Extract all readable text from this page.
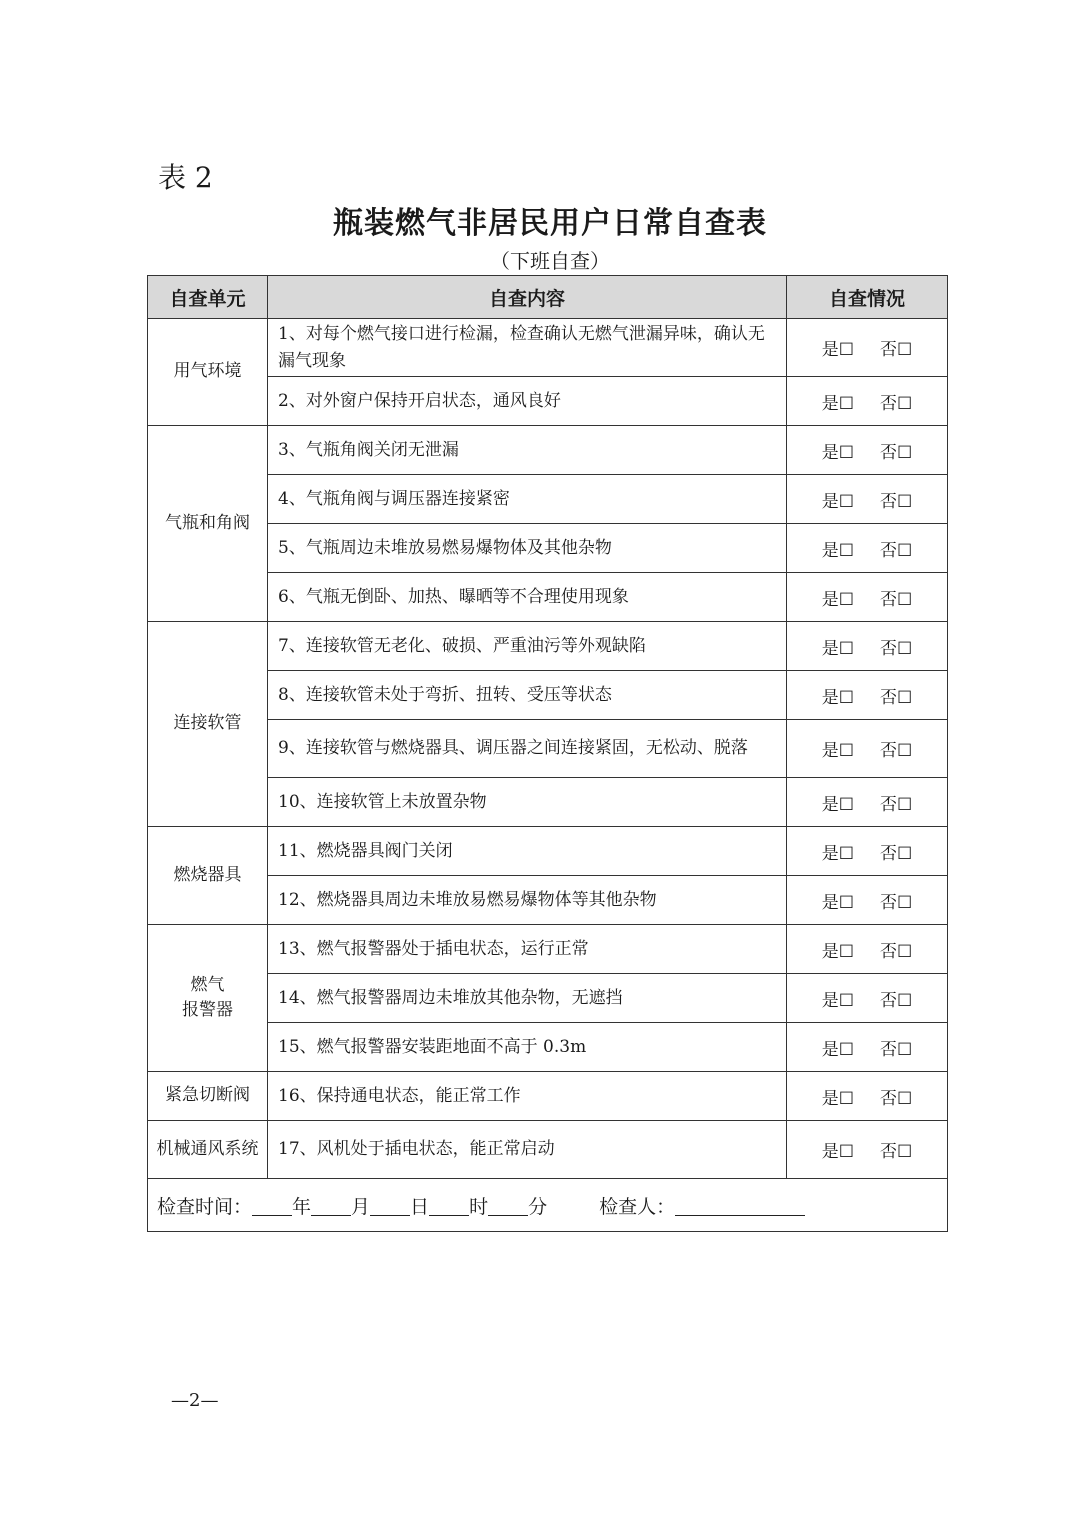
表 2
瓶装燃气非居民用户日常自查表
（下班自查）
自查单元	自查内容	自查情况
用气环境	1、对每个燃气接口进行检漏，检查确认无燃气泄漏异味，确认无漏气现象	是☐ 否☐
	2、对外窗户保持开启状态，通风良好	是☐ 否☐
气瓶和角阀	3、气瓶角阀关闭无泄漏	是☐ 否☐
	4、气瓶角阀与调压器连接紧密	是☐ 否☐
	5、气瓶周边未堆放易燃易爆物体及其他杂物	是☐ 否☐
	6、气瓶无倒卧、加热、曝晒等不合理使用现象	是☐ 否☐
连接软管	7、连接软管无老化、破损、严重油污等外观缺陷	是☐ 否☐
	8、连接软管未处于弯折、扭转、受压等状态	是☐ 否☐
	9、连接软管与燃烧器具、调压器之间连接紧固，无松动、脱落	是☐ 否☐
	10、连接软管上未放置杂物	是☐ 否☐
燃烧器具	11、燃烧器具阀门关闭	是☐ 否☐
	12、燃烧器具周边未堆放易燃易爆物体等其他杂物	是☐ 否☐
燃气
报警器	13、燃气报警器处于插电状态，运行正常	是☐ 否☐
	14、燃气报警器周边未堆放其他杂物，无遮挡	是☐ 否☐
	15、燃气报警器安装距地面不高于 0.3m	是☐ 否☐
紧急切断阀	16、保持通电状态，能正常工作	是☐ 否☐
机械通风系统	17、风机处于插电状态，能正常启动	是☐ 否☐
检查时间： 年 月 日 时 分 检查人：		
—2—
